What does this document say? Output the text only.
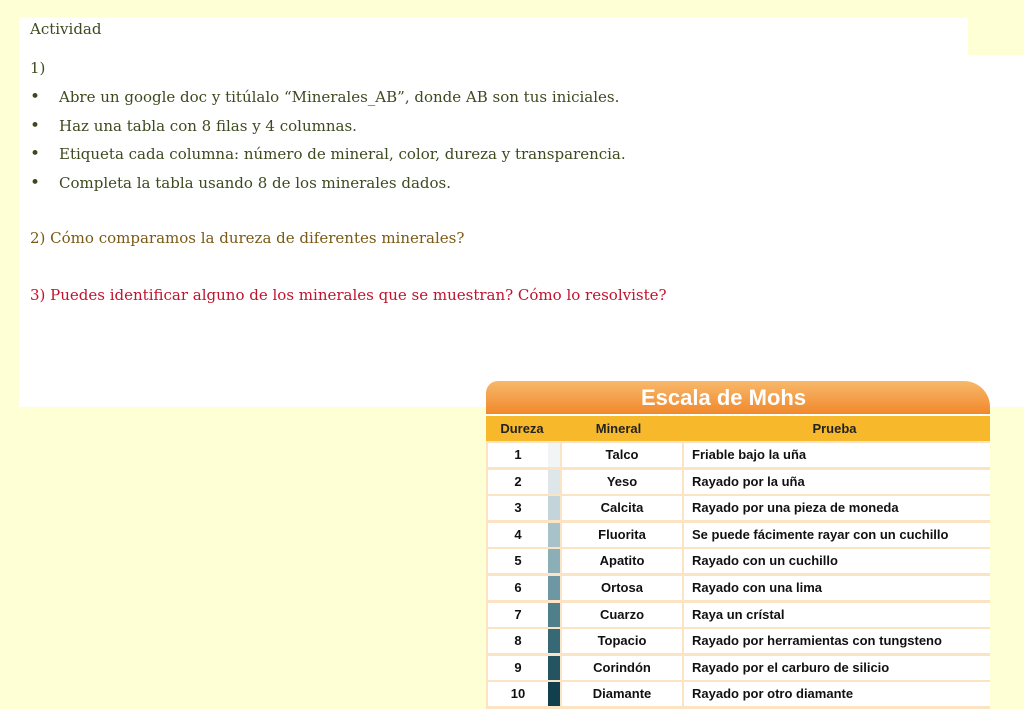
Actividad
1)
• Abre un google doc y titúlalo “Minerales_AB”, donde AB son tus iniciales.
• Haz una tabla con 8 filas y 4 columnas.
• Etiqueta cada columna: número de mineral, color, dureza y transparencia.
• Completa la tabla usando 8 de los minerales dados.
2) Cómo comparamos la dureza de diferentes minerales?
3) Puedes identificar alguno de los minerales que se muestran? Cómo lo resolviste?
Escala de Mohs
Dureza	Mineral	Prueba
1	Talco	Friable bajo la uña
2	Yeso	Rayado por la uña
3	Calcita	Rayado por una pieza de moneda
4	Fluorita	Se puede fácimente rayar con un cuchillo
5	Apatito	Rayado con un cuchillo
6	Ortosa	Rayado con una lima
7	Cuarzo	Raya un crístal
8	Topacio	Rayado por herramientas con tungsteno
9	Corindón	Rayado por el carburo de silicio
10	Diamante	Rayado por otro diamante
